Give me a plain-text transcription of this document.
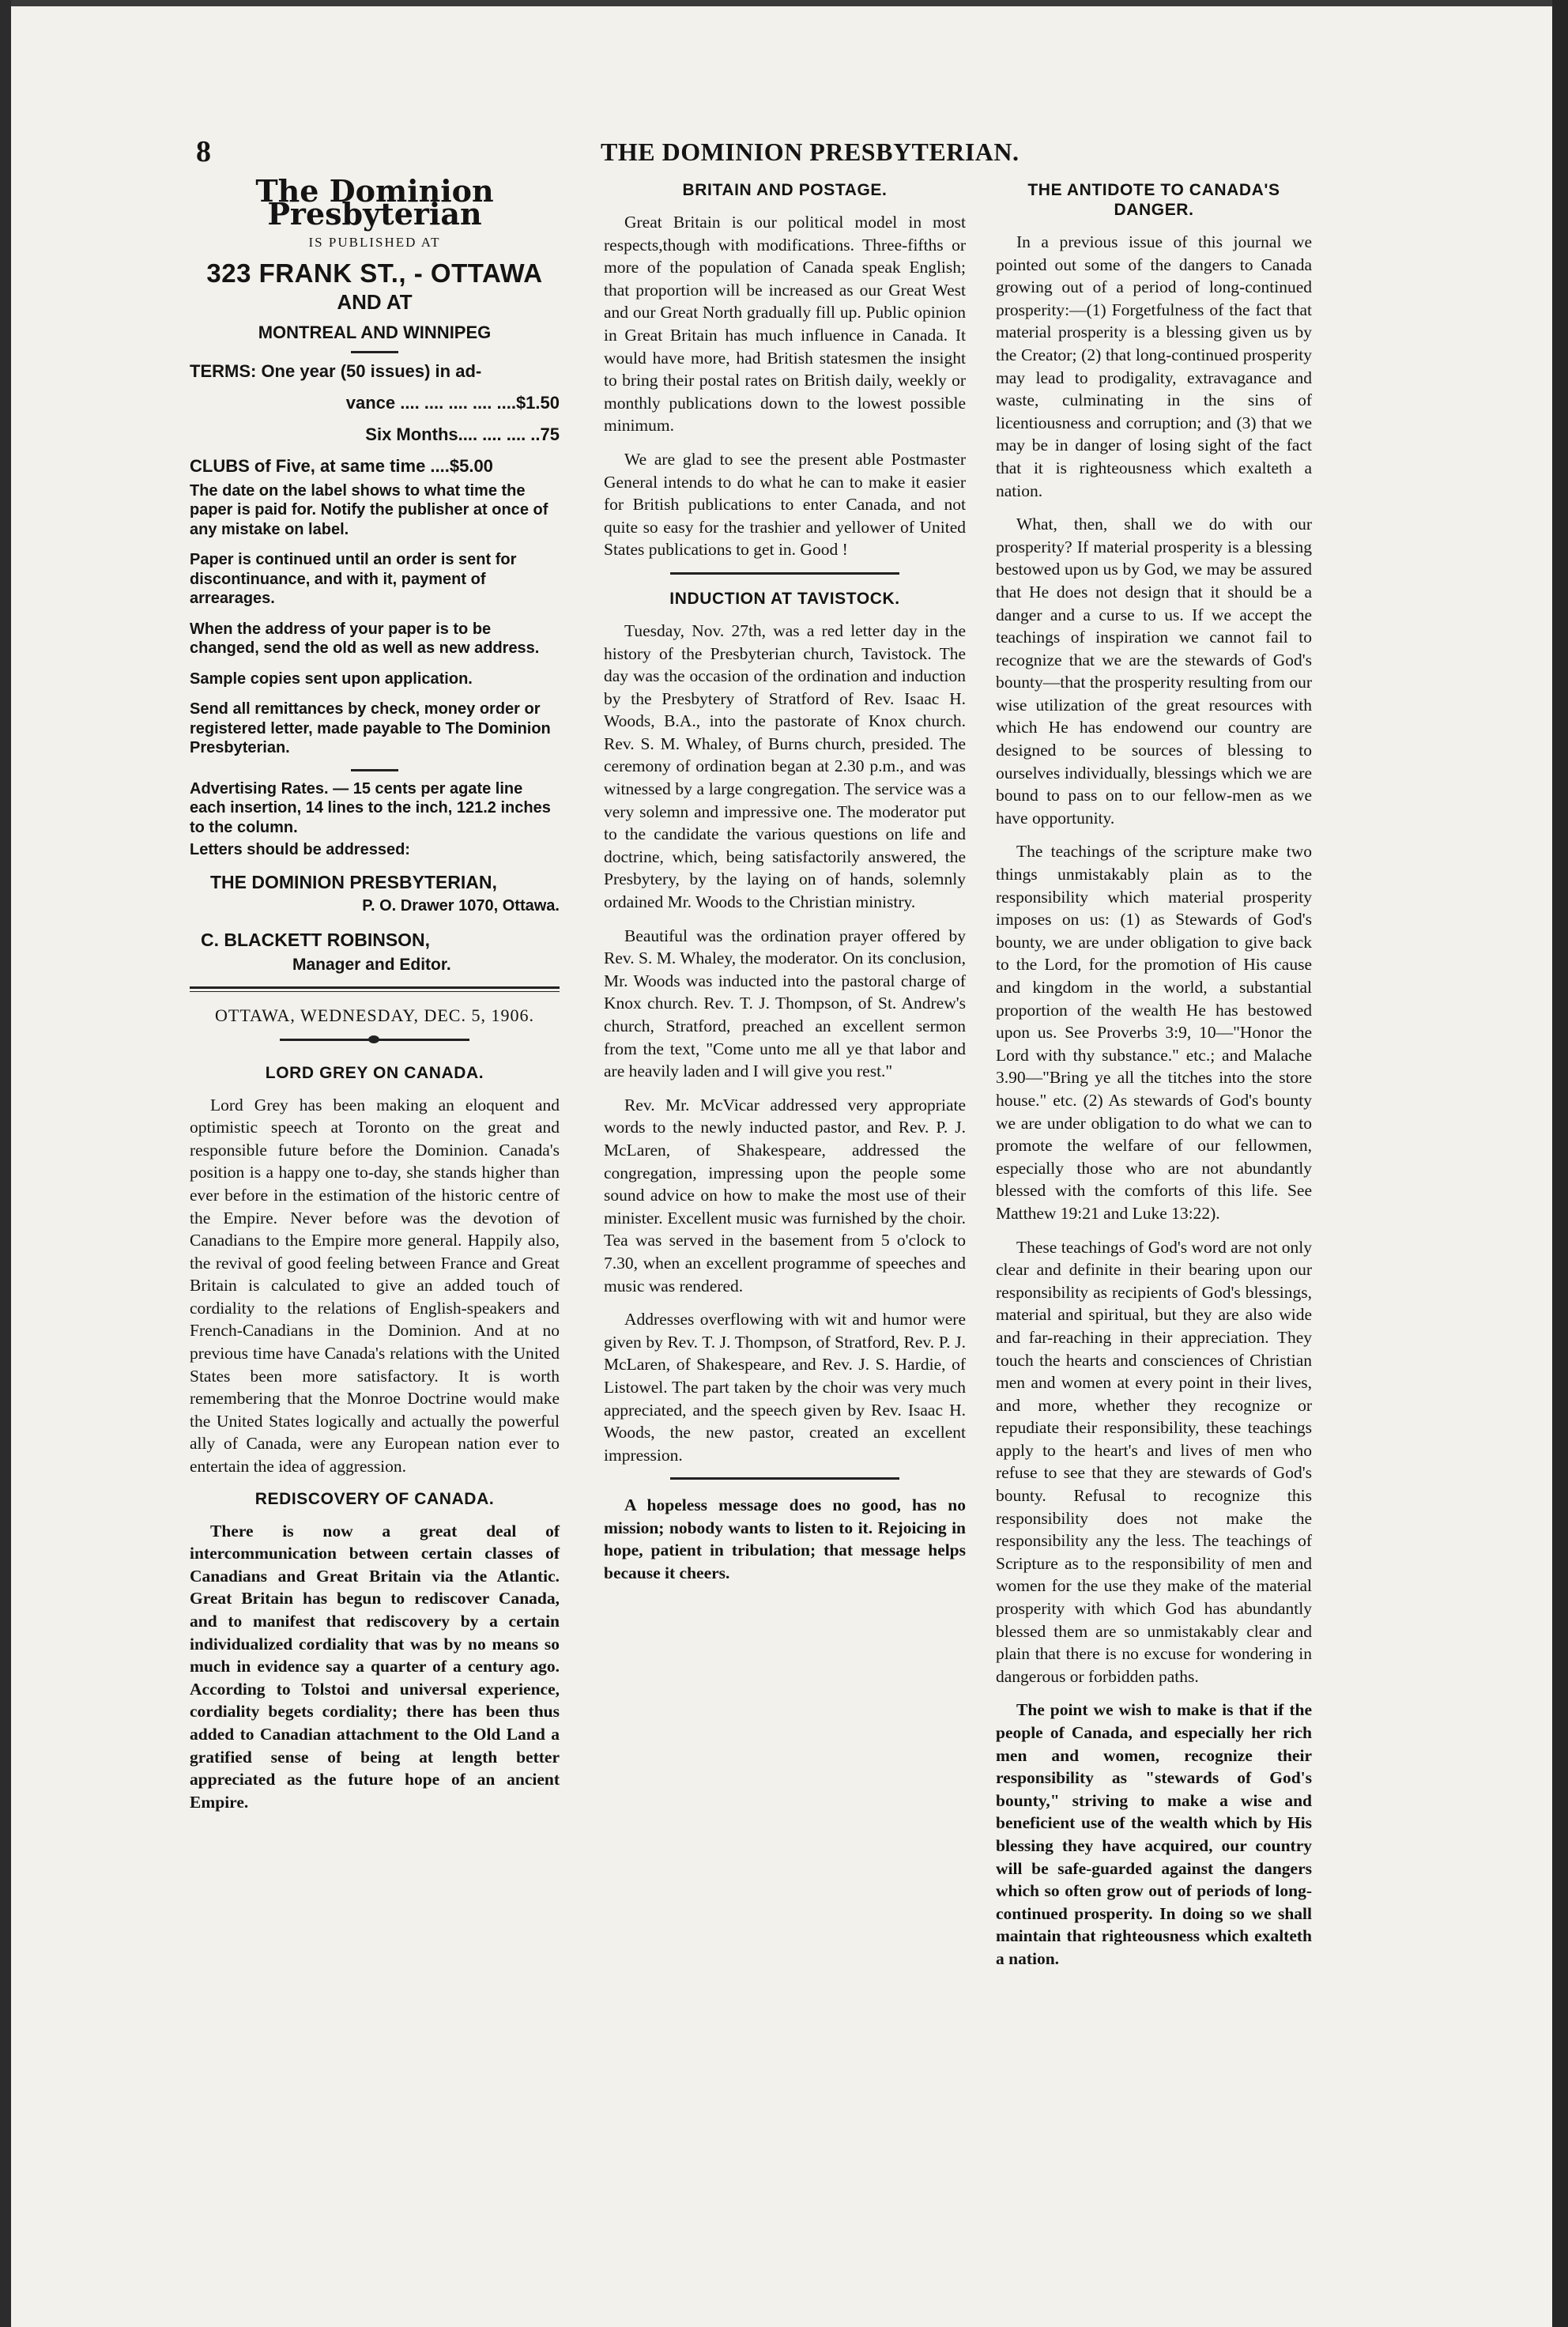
8	THE DOMINION PRESBYTERIAN.
The Dominion Presbyterian
IS PUBLISHED AT
323 FRANK ST., - OTTAWA
AND AT
MONTREAL AND WINNIPEG

TERMS: One year (50 issues) in ad-

vance .... .... .... .... ....$1.50

Six Months.... .... .... ..75

CLUBS of Five, at same time ....$5.00

The date on the label shows to what time the paper is paid for. Notify the publisher at once of any mistake on label.

Paper is continued until an order is sent for discontinuance, and with it, payment of arrearages.

When the address of your paper is to be changed, send the old as well as new address.

Sample copies sent upon application.

Send all remittances by check, money order or registered letter, made payable to The Dominion Presbyterian.

Advertising Rates. — 15 cents per agate line each insertion, 14 lines to the inch, 121.2 inches to the column.

Letters should be addressed:

THE DOMINION PRESBYTERIAN,
P. O. Drawer 1070, Ottawa.
C. BLACKETT ROBINSON,
Manager and Editor.
OTTAWA, WEDNESDAY, DEC. 5, 1906.
LORD GREY ON CANADA.

Lord Grey has been making an eloquent and optimistic speech at Toronto on the great and responsible future before the Dominion. Canada's position is a happy one to-day, she stands higher than ever before in the estimation of the historic centre of the Empire. Never before was the devotion of Canadians to the Empire more general. Happily also, the revival of good feeling between France and Great Britain is calculated to give an added touch of cordiality to the relations of English-speakers and French-Canadians in the Dominion. And at no previous time have Canada's relations with the United States been more satisfactory. It is worth remembering that the Monroe Doctrine would make the United States logically and actually the powerful ally of Canada, were any European nation ever to entertain the idea of aggression.

REDISCOVERY OF CANADA.

There is now a great deal of intercommunication between certain classes of Canadians and Great Britain via the Atlantic. Great Britain has begun to rediscover Canada, and to manifest that rediscovery by a certain individualized cordiality that was by no means so much in evidence say a quarter of a century ago. According to Tolstoi and universal experience, cordiality begets cordiality; there has been thus added to Canadian attachment to the Old Land a gratified sense of being at length better appreciated as the future hope of an ancient Empire.

BRITAIN AND POSTAGE.

Great Britain is our political model in most respects,though with modifications. Three-fifths or more of the population of Canada speak English; that proportion will be increased as our Great West and our Great North gradually fill up. Public opinion in Great Britain has much influence in Canada. It would have more, had British statesmen the insight to bring their postal rates on British daily, weekly or monthly publications down to the lowest possible minimum.

We are glad to see the present able Postmaster General intends to do what he can to make it easier for British publications to enter Canada, and not quite so easy for the trashier and yellower of United States publications to get in. Good !

INDUCTION AT TAVISTOCK.

Tuesday, Nov. 27th, was a red letter day in the history of the Presbyterian church, Tavistock. The day was the occasion of the ordination and induction by the Presbytery of Stratford of Rev. Isaac H. Woods, B.A., into the pastorate of Knox church. Rev. S. M. Whaley, of Burns church, presided. The ceremony of ordination began at 2.30 p.m., and was witnessed by a large congregation. The service was a very solemn and impressive one. The moderator put to the candidate the various questions on life and doctrine, which, being satisfactorily answered, the Presbytery, by the laying on of hands, solemnly ordained Mr. Woods to the Christian ministry.

Beautiful was the ordination prayer offered by Rev. S. M. Whaley, the moderator. On its conclusion, Mr. Woods was inducted into the pastoral charge of Knox church. Rev. T. J. Thompson, of St. Andrew's church, Stratford, preached an excellent sermon from the text, "Come unto me all ye that labor and are heavily laden and I will give you rest."

Rev. Mr. McVicar addressed very appropriate words to the newly inducted pastor, and Rev. P. J. McLaren, of Shakespeare, addressed the congregation, impressing upon the people some sound advice on how to make the most use of their minister. Excellent music was furnished by the choir. Tea was served in the basement from 5 o'clock to 7.30, when an excellent programme of speeches and music was rendered.

Addresses overflowing with wit and humor were given by Rev. T. J. Thompson, of Stratford, Rev. P. J. McLaren, of Shakespeare, and Rev. J. S. Hardie, of Listowel. The part taken by the choir was very much appreciated, and the speech given by Rev. Isaac H. Woods, the new pastor, created an excellent impression.

A hopeless message does no good, has no mission; nobody wants to listen to it. Rejoicing in hope, patient in tribulation; that message helps because it cheers.

THE ANTIDOTE TO CANADA'S DANGER.

In a previous issue of this journal we pointed out some of the dangers to Canada growing out of a period of long-continued prosperity:—(1) Forgetfulness of the fact that material prosperity is a blessing given us by the Creator; (2) that long-continued prosperity may lead to prodigality, extravagance and waste, culminating in the sins of licentiousness and corruption; and (3) that we may be in danger of losing sight of the fact that it is righteousness which exalteth a nation.

What, then, shall we do with our prosperity? If material prosperity is a blessing bestowed upon us by God, we may be assured that He does not design that it should be a danger and a curse to us. If we accept the teachings of inspiration we cannot fail to recognize that we are the stewards of God's bounty—that the prosperity resulting from our wise utilization of the great resources with which He has endowend our country are designed to be sources of blessing to ourselves individually, blessings which we are bound to pass on to our fellow-men as we have opportunity.

The teachings of the scripture make two things unmistakably plain as to the responsibility which material prosperity imposes on us: (1) as Stewards of God's bounty, we are under obligation to give back to the Lord, for the promotion of His cause and kingdom in the world, a substantial proportion of the wealth He has bestowed upon us. See Proverbs 3:9, 10—"Honor the Lord with thy substance." etc.; and Malache 3.90—"Bring ye all the titches into the store house." etc. (2) As stewards of God's bounty we are under obligation to do what we can to promote the welfare of our fellowmen, especially those who are not abundantly blessed with the comforts of this life. See Matthew 19:21 and Luke 13:22).

These teachings of God's word are not only clear and definite in their bearing upon our responsibility as recipients of God's blessings, material and spiritual, but they are also wide and far-reaching in their appreciation. They touch the hearts and consciences of Christian men and women at every point in their lives, and more, whether they recognize or repudiate their responsibility, these teachings apply to the heart's and lives of men who refuse to see that they are stewards of God's bounty. Refusal to recognize this responsibility does not make the responsibility any the less. The teachings of Scripture as to the responsibility of men and women for the use they make of the material prosperity with which God has abundantly blessed them are so unmistakably clear and plain that there is no excuse for wondering in dangerous or forbidden paths.

The point we wish to make is that if the people of Canada, and especially her rich men and women, recognize their responsibility as "stewards of God's bounty," striving to make a wise and beneficient use of the wealth which by His blessing they have acquired, our country will be safe-guarded against the dangers which so often grow out of periods of long-continued prosperity. In doing so we shall maintain that righteousness which exalteth a nation.
